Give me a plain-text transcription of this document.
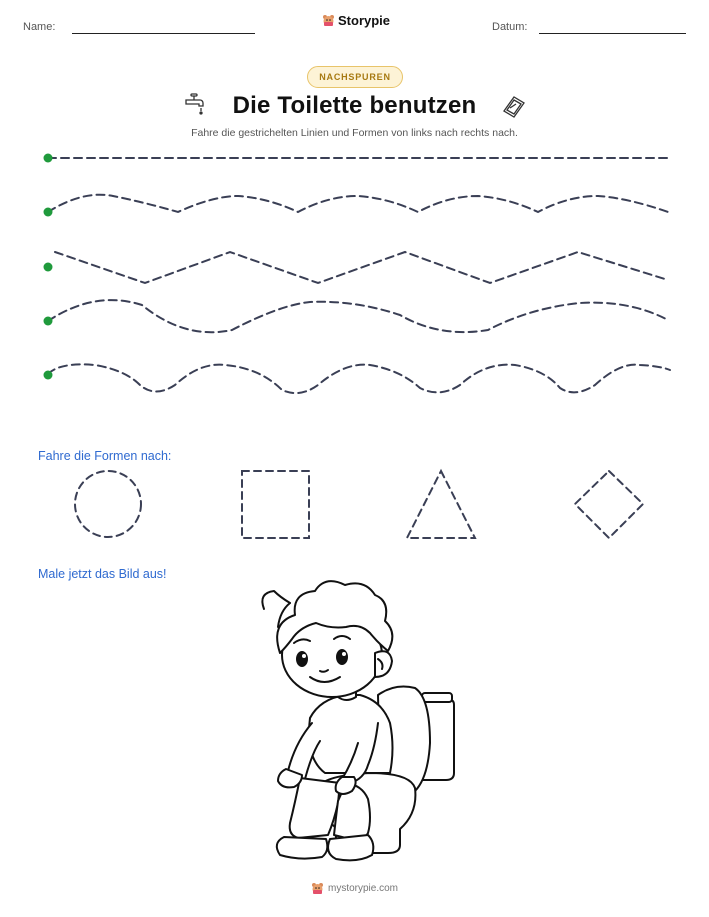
Name:	Storypie	Datum:
NACHSPUREN
Die Toilette benutzen
Fahre die gestrichelten Linien und Formen von links nach rechts nach.
Fahre die Formen nach:
Male jetzt das Bild aus!
mystorypie.com
